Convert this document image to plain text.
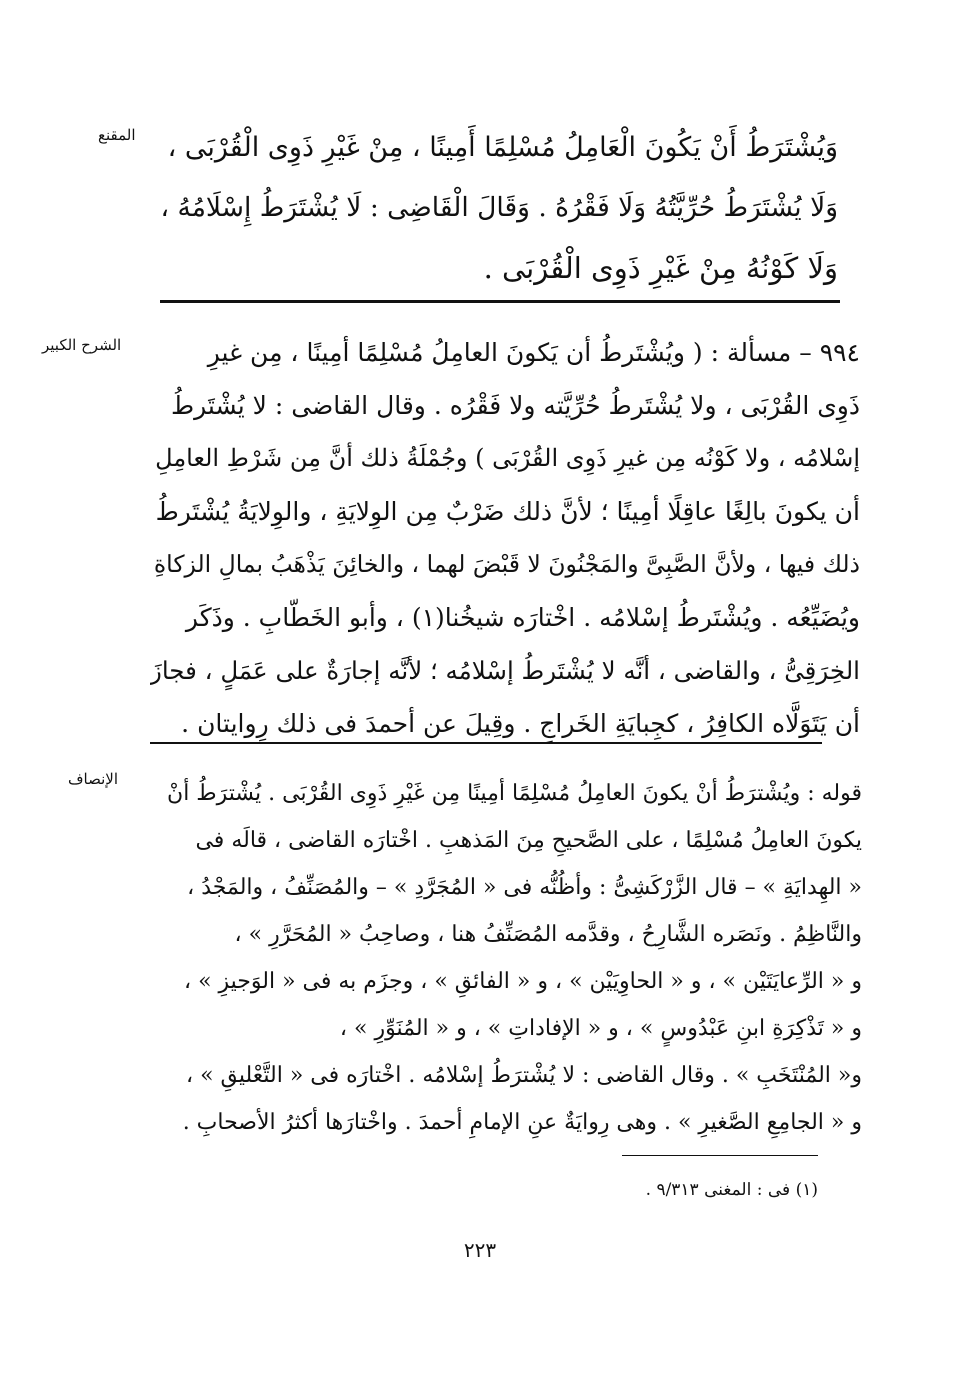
المقنع وَيُشْتَرَطُ أَنْ يَكُونَ الْعَامِلُ مُسْلِمًا أَمِينًا ، مِنْ غَيْرِ ذَوِى الْقُرْبَى ،
وَلَا يُشْتَرَطُ حُرِّيَّتُهُ وَلَا فَقْرُهُ . وَقَالَ الْقَاضِى : لَا يُشْتَرَطُ إِسْلَامُهُ ،
وَلَا كَوْنُهُ مِنْ غَيْرِ ذَوِى الْقُرْبَى .
الشرح الكبير	٩٩٤ – مسألة : ( ويُشْتَرطُ أن يَكونَ العامِلُ مُسْلِمًا أمِينًا ، مِن غيرِ
ذَوِى القُرْبَى ، ولا يُشْتَرطُ حُرِّيَّته ولا فَقْرُه . وقال القاضى : لا يُشْتَرطُ
إسْلامُه ، ولا كَوْنُه مِن غيرِ ذَوِى القُرْبَى ) وجُمْلَةُ ذلك أنَّ مِن شَرْطِ العامِلِ
أن يكونَ بالِغًا عاقِلًا أمِينًا ؛ لأنَّ ذلك ضَرْبٌ مِن الوِلايَةِ ، والوِلايَةُ يُشْتَرطُ
ذلك فيها ، ولأنَّ الصَّبِىَّ والمَجْنُونَ لا قَبْضَ لهما ، والخائِنَ يَذْهَبُ بمالِ الزكاةِ
ويُضَيِّعُه . ويُشْتَرطُ إسْلامُه . اخْتارَه شيخُنا(١) ، وأبو الخَطّابِ . وذَكَر
الخِرَقِىُّ ، والقاضى ، أنَّه لا يُشْتَرطُ إسْلامُه ؛ لأنَّه إجارَةٌ على عَمَلٍ ، فجازَ
أن يَتَوَلَّاه الكافِرُ ، كجِبايَةِ الخَراجِ . وقِيلَ عن أحمدَ فى ذلك رِوايتان .
الإنصاف
قوله : ويُشْترَطُ أنْ يكونَ العامِلُ مُسْلِمًا أمِينًا مِن غَيْرِ ذَوِى القُرْبَى . يُشْترَطُ أنْ
يكونَ العامِلُ مُسْلِمًا ، على الصَّحيحِ مِنَ المَذهبِ . اخْتارَه القاضى ، قالَه فى
« الهِدايَةِ » – قال الزَّرْكَشِىُّ : وأظُنُّه فى « المُجَرَّدِ » – والمُصَنِّفُ ، والمَجْدُ ،
والنَّاظِمُ . ونَصَره الشَّارِحُ ، وقدَّمه المُصَنِّفُ هنا ، وصاحِبُ « المُحَرَّرِ » ،
و « الرِّعايَتَيْن » ، و « الحاوِيَيْن » ، و « الفائقِ » ، وجزَم به فى « الوَجيزِ » ،
و « تَذْكِرَةِ ابنِ عَبْدُوسٍ » ، و « الإفاداتِ » ، و « المُنَوِّرِ » ،
و« المُنْتَخَبِ » . وقال القاضى : لا يُشْترَطُ إسْلامُه . اخْتارَه فى « التَّعْليقِ » ،
و « الجامِعِ الصَّغيرِ » . وهى رِوايَةٌ عنِ الإمامِ أحمدَ . واخْتارَها أكثرُ الأصحابِ .
(١) فى : المغنى ٩/٣١٣ .
٢٢٣
